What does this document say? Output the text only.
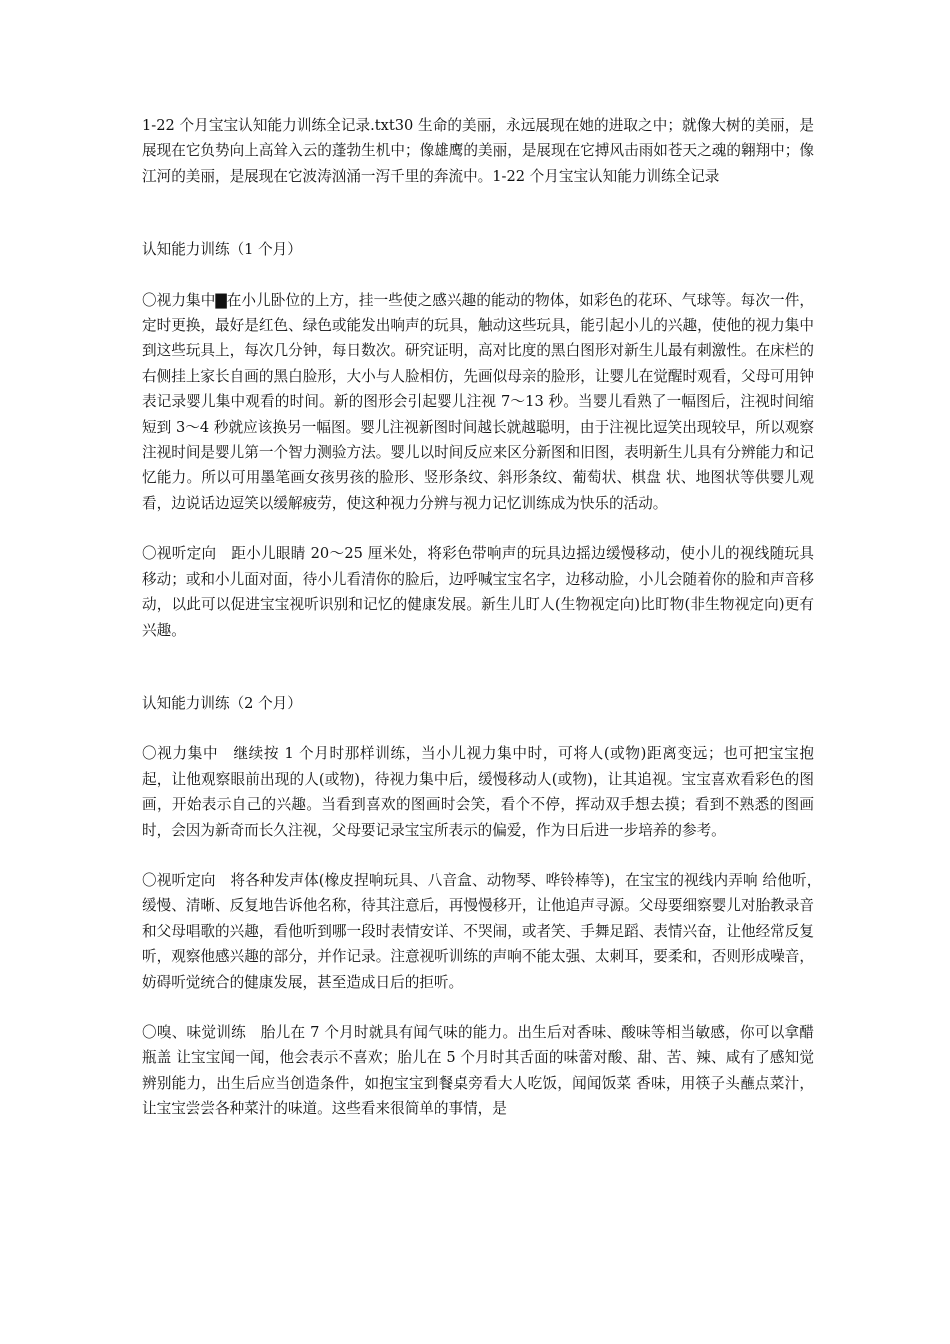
1-22 个月宝宝认知能力训练全记录.txt30 生命的美丽，永远展现在她的进取之中；就像大树的美丽，是展现在它负势向上高耸入云的蓬勃生机中；像雄鹰的美丽，是展现在它搏风击雨如苍天之魂的翱翔中；像江河的美丽，是展现在它波涛汹涌一泻千里的奔流中。1-22 个月宝宝认知能力训练全记录

认知能力训练（1 个月）

〇视力集中▇在小儿卧位的上方，挂一些使之感兴趣的能动的物体，如彩色的花环、气球等。每次一件，定时更换，最好是红色、绿色或能发出响声的玩具，触动这些玩具，能引起小儿的兴趣，使他的视力集中到这些玩具上，每次几分钟，每日数次。研究证明，高对比度的黑白图形对新生儿最有刺激性。在床栏的右侧挂上家长自画的黑白脸形，大小与人脸相仿，先画似母亲的脸形，让婴儿在觉醒时观看，父母可用钟表记录婴儿集中观看的时间。新的图形会引起婴儿注视 7～13 秒。当婴儿看熟了一幅图后，注视时间缩短到 3～4 秒就应该换另一幅图。婴儿注视新图时间越长就越聪明，由于注视比逗笑出现较早，所以观察注视时间是婴儿第一个智力测验方法。婴儿以时间反应来区分新图和旧图，表明新生儿具有分辨能力和记忆能力。所以可用墨笔画女孩男孩的脸形、竖形条纹、斜形条纹、葡萄状、棋盘 状、地图状等供婴儿观看，边说话边逗笑以缓解疲劳，使这种视力分辨与视力记忆训练成为快乐的活动。

〇视听定向　距小儿眼睛 20～25 厘米处，将彩色带响声的玩具边摇边缓慢移动，使小儿的视线随玩具移动；或和小儿面对面，待小儿看清你的脸后，边呼喊宝宝名字，边移动脸，小儿会随着你的脸和声音移动，以此可以促进宝宝视听识别和记忆的健康发展。新生儿盯人(生物视定向)比盯物(非生物视定向)更有兴趣。

认知能力训练（2 个月）

〇视力集中　继续按 1 个月时那样训练，当小儿视力集中时，可将人(或物)距离变远；也可把宝宝抱起，让他观察眼前出现的人(或物)，待视力集中后，缓慢移动人(或物)，让其追视。宝宝喜欢看彩色的图画，开始表示自己的兴趣。当看到喜欢的图画时会笑，看个不停，挥动双手想去摸；看到不熟悉的图画时，会因为新奇而长久注视，父母要记录宝宝所表示的偏爱，作为日后进一步培养的参考。

〇视听定向　将各种发声体(橡皮捏响玩具、八音盒、动物琴、哗铃棒等)，在宝宝的视线内弄响 给他听，　缓慢、清晰、反复地告诉他名称，待其注意后，再慢慢移开，让他追声寻源。父母要细察婴儿对胎教录音和父母唱歌的兴趣，看他听到哪一段时表情安详、不哭闹，或者笑、手舞足蹈、表情兴奋，让他经常反复听，观察他感兴趣的部分，并作记录。注意视听训练的声响不能太强、太刺耳，要柔和，否则形成噪音，妨碍听觉统合的健康发展，甚至造成日后的拒听。

〇嗅、味觉训练　胎儿在 7 个月时就具有闻气味的能力。出生后对香味、酸味等相当敏感，你可以拿醋瓶盖 让宝宝闻一闻，他会表示不喜欢；胎儿在 5 个月时其舌面的味蕾对酸、甜、苦、辣、咸有了感知觉辨别能力，出生后应当创造条件，如抱宝宝到餐桌旁看大人吃饭，闻闻饭菜 香味，用筷子头蘸点菜汁，让宝宝尝尝各种菜汁的味道。这些看来很简单的事情，是
